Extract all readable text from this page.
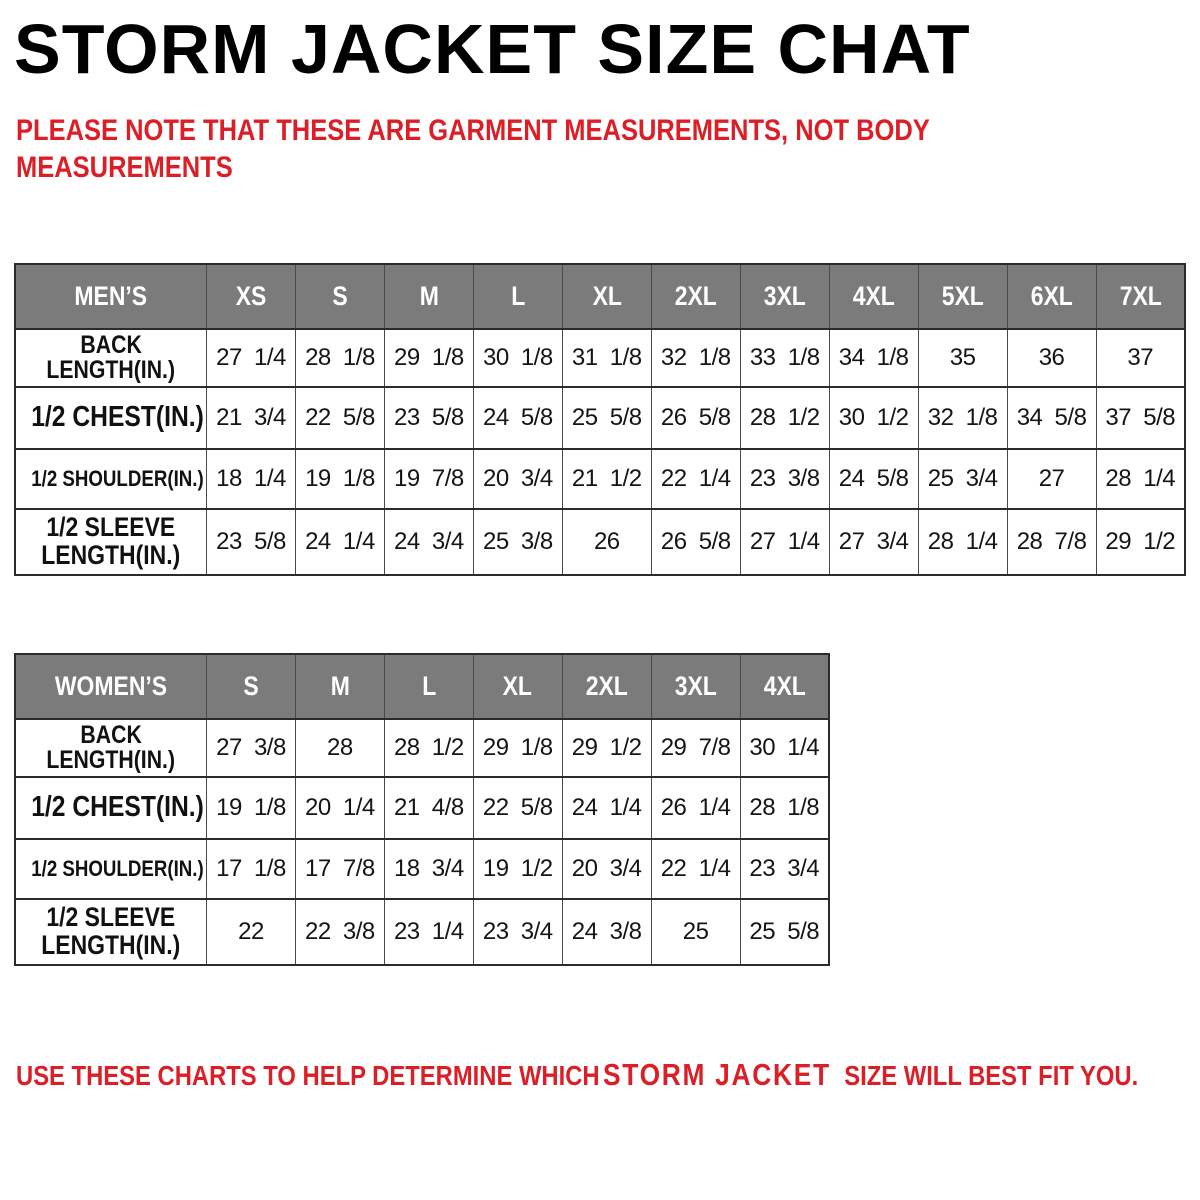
STORM JACKET SIZE CHAT
PLEASE NOTE THAT THESE ARE GARMENT MEASUREMENTS, NOT BODY
MEASUREMENTS
MEN’S	XS	S	M	L	XL	2XL	3XL	4XL	5XL	6XL	7XL

BACK
LENGTH(IN.)	27 1/4	28 1/8	29 1/8	30 1/8	31 1/8	32 1/8	33 1/8	34 1/8	35	36	37

1/2 CHEST(IN.)	21 3/4	22 5/8	23 5/8	24 5/8	25 5/8	26 5/8	28 1/2	30 1/2	32 1/8	34 5/8	37 5/8

1/2 SHOULDER(IN.)	18 1/4	19 1/8	19 7/8	20 3/4	21 1/2	22 1/4	23 3/8	24 5/8	25 3/4	27	28 1/4

1/2 SLEEVE
LENGTH(IN.)	23 5/8	24 1/4	24 3/4	25 3/8	26	26 5/8	27 1/4	27 3/4	28 1/4	28 7/8	29 1/2
WOMEN’S	S	M	L	XL	2XL	3XL	4XL

BACK
LENGTH(IN.)	27 3/8	28	28 1/2	29 1/8	29 1/2	29 7/8	30 1/4

1/2 CHEST(IN.)	19 1/8	20 1/4	21 4/8	22 5/8	24 1/4	26 1/4	28 1/8

1/2 SHOULDER(IN.)	17 1/8	17 7/8	18 3/4	19 1/2	20 3/4	22 1/4	23 3/4

1/2 SLEEVE
LENGTH(IN.)	22	22 3/8	23 1/4	23 3/4	24 3/8	25	25 5/8
USE THESE CHARTS TO HELP DETERMINE WHICH STORM JACKET SIZE WILL BEST FIT YOU.
